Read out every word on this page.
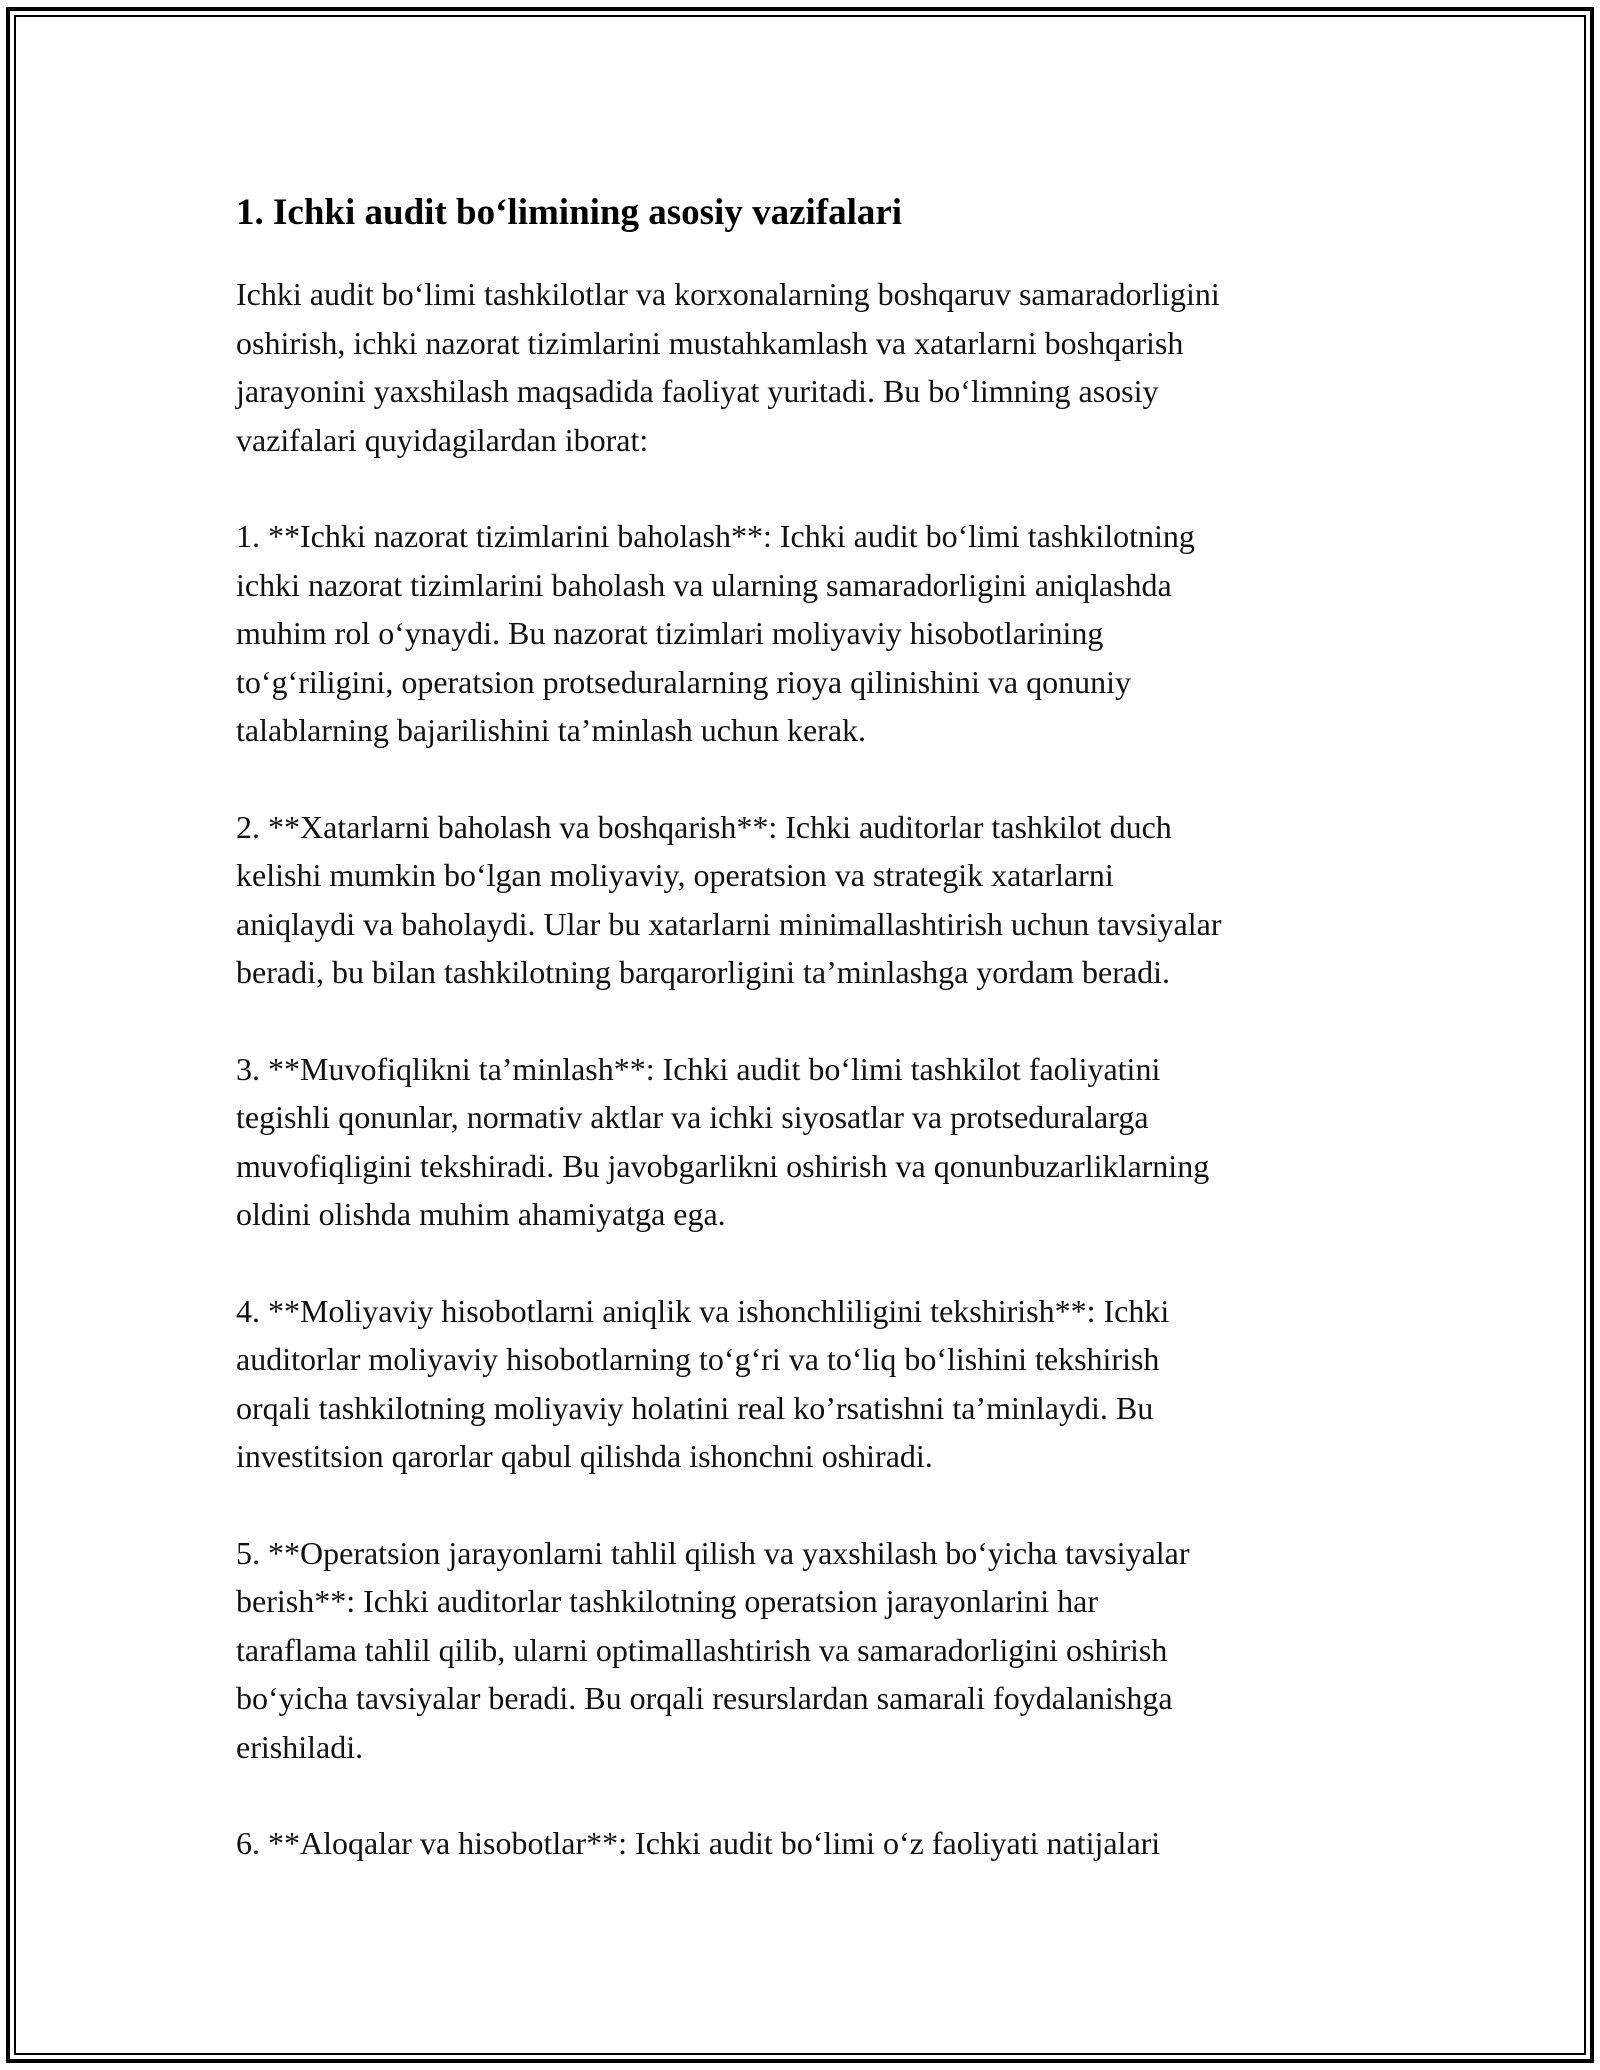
1. Ichki audit bo‘limining asosiy vazifalari

Ichki audit bo‘limi tashkilotlar va korxonalarning boshqaruv samaradorligini
oshirish, ichki nazorat tizimlarini mustahkamlash va xatarlarni boshqarish
jarayonini yaxshilash maqsadida faoliyat yuritadi. Bu bo‘limning asosiy
vazifalari quyidagilardan iborat:

1. **Ichki nazorat tizimlarini baholash**: Ichki audit bo‘limi tashkilotning
ichki nazorat tizimlarini baholash va ularning samaradorligini aniqlashda
muhim rol o‘ynaydi. Bu nazorat tizimlari moliyaviy hisobotlarining
to‘g‘riligini, operatsion protseduralarning rioya qilinishini va qonuniy
talablarning bajarilishini ta’minlash uchun kerak.

2. **Xatarlarni baholash va boshqarish**: Ichki auditorlar tashkilot duch
kelishi mumkin bo‘lgan moliyaviy, operatsion va strategik xatarlarni
aniqlaydi va baholaydi. Ular bu xatarlarni minimallashtirish uchun tavsiyalar
beradi, bu bilan tashkilotning barqarorligini ta’minlashga yordam beradi.

3. **Muvofiqlikni ta’minlash**: Ichki audit bo‘limi tashkilot faoliyatini
tegishli qonunlar, normativ aktlar va ichki siyosatlar va protseduralarga
muvofiqligini tekshiradi. Bu javobgarlikni oshirish va qonunbuzarliklarning
oldini olishda muhim ahamiyatga ega.

4. **Moliyaviy hisobotlarni aniqlik va ishonchliligini tekshirish**: Ichki
auditorlar moliyaviy hisobotlarning to‘g‘ri va to‘liq bo‘lishini tekshirish
orqali tashkilotning moliyaviy holatini real ko’rsatishni ta’minlaydi. Bu
investitsion qarorlar qabul qilishda ishonchni oshiradi.

5. **Operatsion jarayonlarni tahlil qilish va yaxshilash bo‘yicha tavsiyalar
berish**: Ichki auditorlar tashkilotning operatsion jarayonlarini har
taraflama tahlil qilib, ularni optimallashtirish va samaradorligini oshirish
bo‘yicha tavsiyalar beradi. Bu orqali resurslardan samarali foydalanishga
erishiladi.

6. **Aloqalar va hisobotlar**: Ichki audit bo‘limi o‘z faoliyati natijalari
